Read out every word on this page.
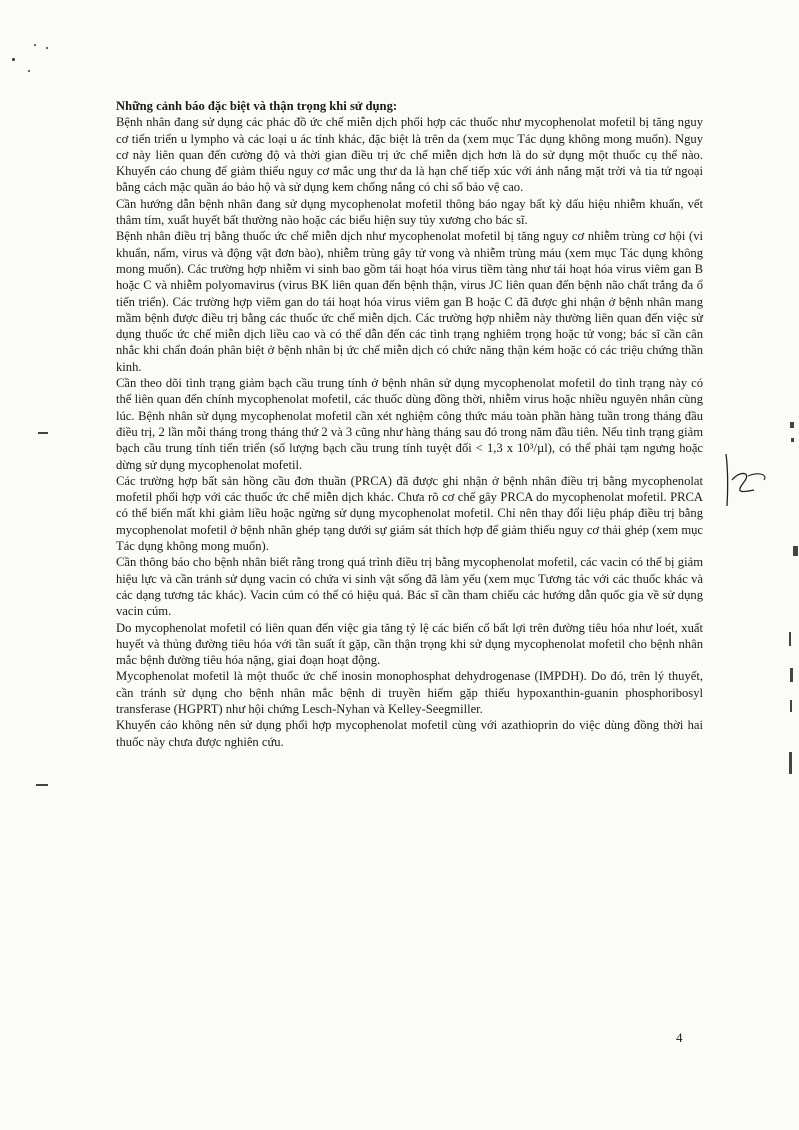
Những cảnh báo đặc biệt và thận trọng khi sử dụng:

Bệnh nhân đang sử dụng các phác đồ ức chế miễn dịch phối hợp các thuốc như mycophenolat mofetil bị tăng nguy cơ tiến triển u lympho và các loại u ác tính khác, đặc biệt là trên da (xem mục Tác dụng không mong muốn). Nguy cơ này liên quan đến cường độ và thời gian điều trị ức chế miễn dịch hơn là do sử dụng một thuốc cụ thể nào. Khuyến cáo chung để giảm thiểu nguy cơ mắc ung thư da là hạn chế tiếp xúc với ánh nắng mặt trời và tia tử ngoại bằng cách mặc quần áo bảo hộ và sử dụng kem chống nắng có chỉ số bảo vệ cao.

Cần hướng dẫn bệnh nhân đang sử dụng mycophenolat mofetil thông báo ngay bất kỳ dấu hiệu nhiễm khuẩn, vết thâm tím, xuất huyết bất thường nào hoặc các biểu hiện suy tủy xương cho bác sĩ.

Bệnh nhân điều trị bằng thuốc ức chế miễn dịch như mycophenolat mofetil bị tăng nguy cơ nhiễm trùng cơ hội (vi khuẩn, nấm, virus và động vật đơn bào), nhiễm trùng gây tử vong và nhiễm trùng máu (xem mục Tác dụng không mong muốn). Các trường hợp nhiễm vi sinh bao gồm tái hoạt hóa virus tiềm tàng như tái hoạt hóa virus viêm gan B hoặc C và nhiễm polyomavirus (virus BK liên quan đến bệnh thận, virus JC liên quan đến bệnh não chất trắng đa ổ tiến triển). Các trường hợp viêm gan do tái hoạt hóa virus viêm gan B hoặc C đã được ghi nhận ở bệnh nhân mang mầm bệnh được điều trị bằng các thuốc ức chế miễn dịch. Các trường hợp nhiễm này thường liên quan đến việc sử dụng thuốc ức chế miễn dịch liều cao và có thể dẫn đến các tình trạng nghiêm trọng hoặc tử vong; bác sĩ cần cân nhắc khi chẩn đoán phân biệt ở bệnh nhân bị ức chế miễn dịch có chức năng thận kém hoặc có các triệu chứng thần kinh.

Cần theo dõi tình trạng giảm bạch cầu trung tính ở bệnh nhân sử dụng mycophenolat mofetil do tình trạng này có thể liên quan đến chính mycophenolat mofetil, các thuốc dùng đồng thời, nhiễm virus hoặc nhiều nguyên nhân cùng lúc. Bệnh nhân sử dụng mycophenolat mofetil cần xét nghiệm công thức máu toàn phần hàng tuần trong tháng đầu điều trị, 2 lần mỗi tháng trong tháng thứ 2 và 3 cũng như hàng tháng sau đó trong năm đầu tiên. Nếu tình trạng giảm bạch cầu trung tính tiến triển (số lượng bạch cầu trung tính tuyệt đối < 1,3 x 10³/µl), có thể phải tạm ngưng hoặc dừng sử dụng mycophenolat mofetil.

Các trường hợp bất sản hồng cầu đơn thuần (PRCA) đã được ghi nhận ở bệnh nhân điều trị bằng mycophenolat mofetil phối hợp với các thuốc ức chế miễn dịch khác. Chưa rõ cơ chế gây PRCA do mycophenolat mofetil. PRCA có thể biến mất khi giảm liều hoặc ngừng sử dụng mycophenolat mofetil. Chỉ nên thay đổi liệu pháp điều trị bằng mycophenolat mofetil ở bệnh nhân ghép tạng dưới sự giám sát thích hợp để giảm thiểu nguy cơ thải ghép (xem mục Tác dụng không mong muốn).

Cần thông báo cho bệnh nhân biết rằng trong quá trình điều trị bằng mycophenolat mofetil, các vacin có thể bị giảm hiệu lực và cần tránh sử dụng vacin có chứa vi sinh vật sống đã làm yếu (xem mục Tương tác với các thuốc khác và các dạng tương tác khác). Vacin cúm có thể có hiệu quả. Bác sĩ cần tham chiếu các hướng dẫn quốc gia về sử dụng vacin cúm.

Do mycophenolat mofetil có liên quan đến việc gia tăng tỷ lệ các biến cố bất lợi trên đường tiêu hóa như loét, xuất huyết và thủng đường tiêu hóa với tần suất ít gặp, cần thận trọng khi sử dụng mycophenolat mofetil cho bệnh nhân mắc bệnh đường tiêu hóa nặng, giai đoạn hoạt động.

Mycophenolat mofetil là một thuốc ức chế inosin monophosphat dehydrogenase (IMPDH). Do đó, trên lý thuyết, cần tránh sử dụng cho bệnh nhân mắc bệnh di truyền hiếm gặp thiếu hypoxanthin-guanin phosphoribosyl transferase (HGPRT) như hội chứng Lesch-Nyhan và Kelley-Seegmiller.

Khuyến cáo không nên sử dụng phối hợp mycophenolat mofetil cùng với azathioprin do việc dùng đồng thời hai thuốc này chưa được nghiên cứu.

4
